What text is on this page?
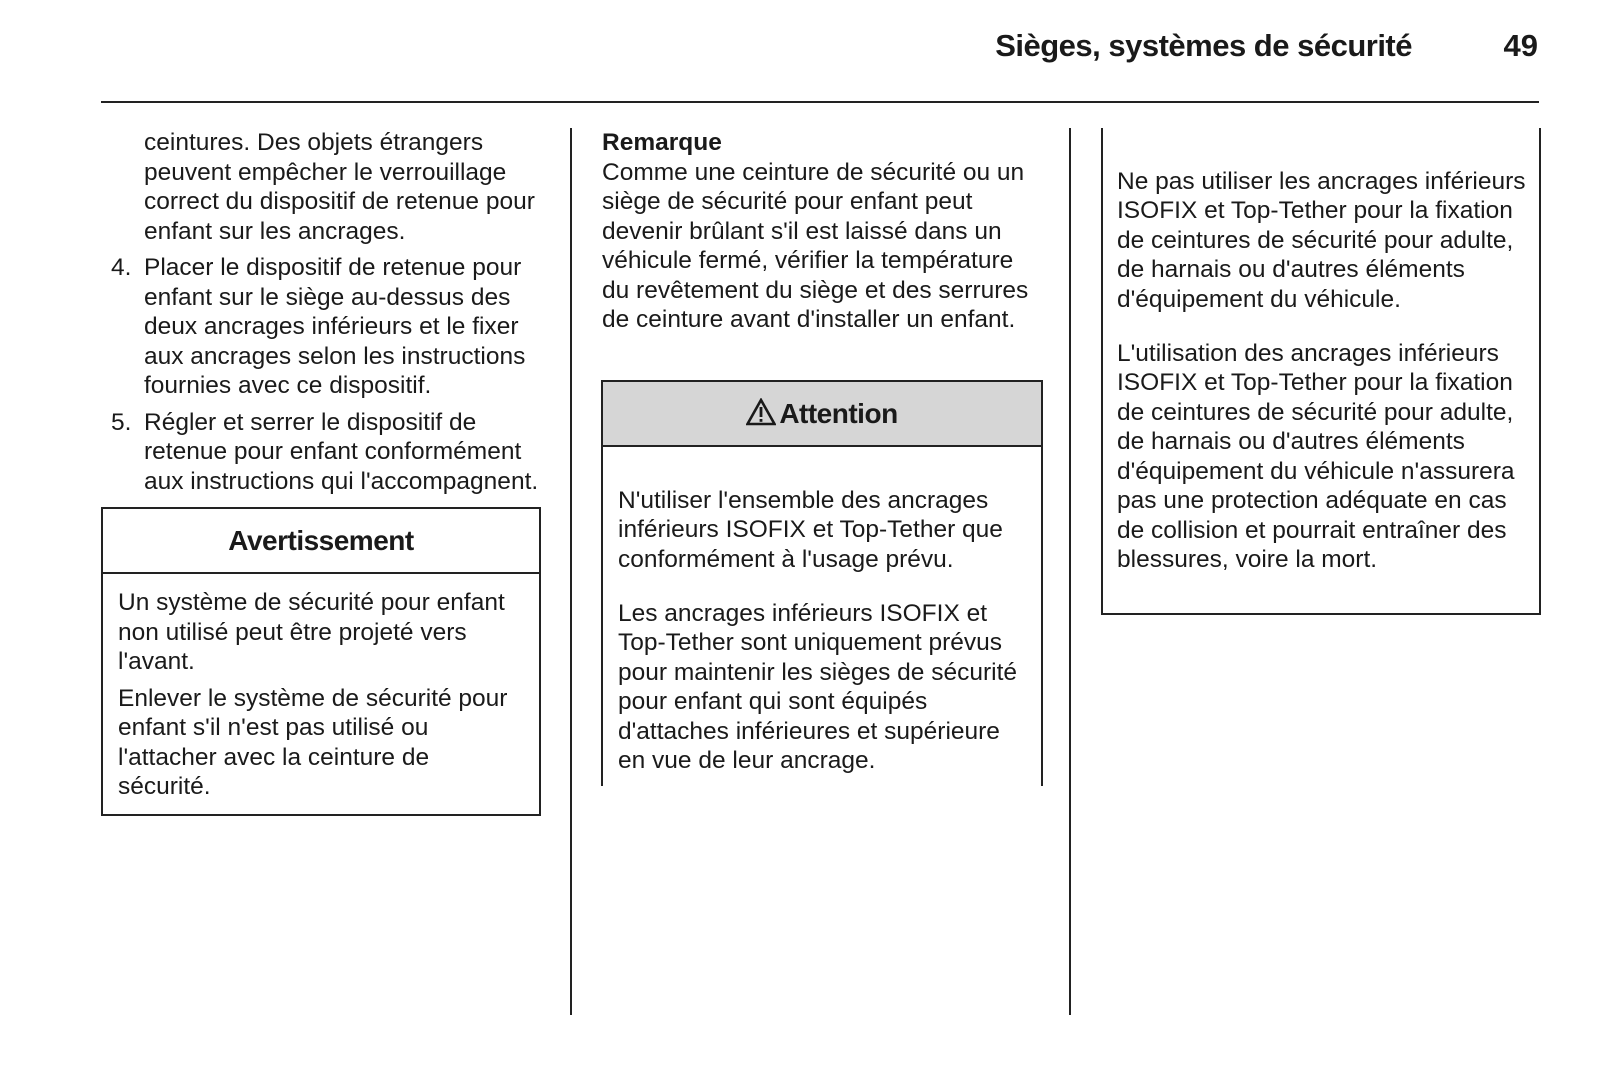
Sièges, systèmes de sécurité	49

ceintures. Des objets étrangers peuvent empêcher le verrouillage correct du dispositif de retenue pour enfant sur les ancrages.

4. Placer le dispositif de retenue pour enfant sur le siège au-dessus des deux ancrages inférieurs et le fixer aux ancrages selon les instructions fournies avec ce dispositif.

5. Régler et serrer le dispositif de retenue pour enfant conformément aux instructions qui l'accompagnent.

Avertissement

Un système de sécurité pour enfant non utilisé peut être projeté vers l'avant.

Enlever le système de sécurité pour enfant s'il n'est pas utilisé ou l'attacher avec la ceinture de sécurité.

Remarque

Comme une ceinture de sécurité ou un siège de sécurité pour enfant peut devenir brûlant s'il est laissé dans un véhicule fermé, vérifier la température du revêtement du siège et des serrures de ceinture avant d'installer un enfant.

Attention

N'utiliser l'ensemble des ancrages inférieurs ISOFIX et Top-Tether que conformément à l'usage prévu.

Les ancrages inférieurs ISOFIX et Top-Tether sont uniquement prévus pour maintenir les sièges de sécurité pour enfant qui sont équipés d'attaches inférieures et supérieure en vue de leur ancrage.

Ne pas utiliser les ancrages inférieurs ISOFIX et Top-Tether pour la fixation de ceintures de sécurité pour adulte, de harnais ou d'autres éléments d'équipement du véhicule.

L'utilisation des ancrages inférieurs ISOFIX et Top-Tether pour la fixation de ceintures de sécurité pour adulte, de harnais ou d'autres éléments d'équipement du véhicule n'assurera pas une protection adéquate en cas de collision et pourrait entraîner des blessures, voire la mort.
